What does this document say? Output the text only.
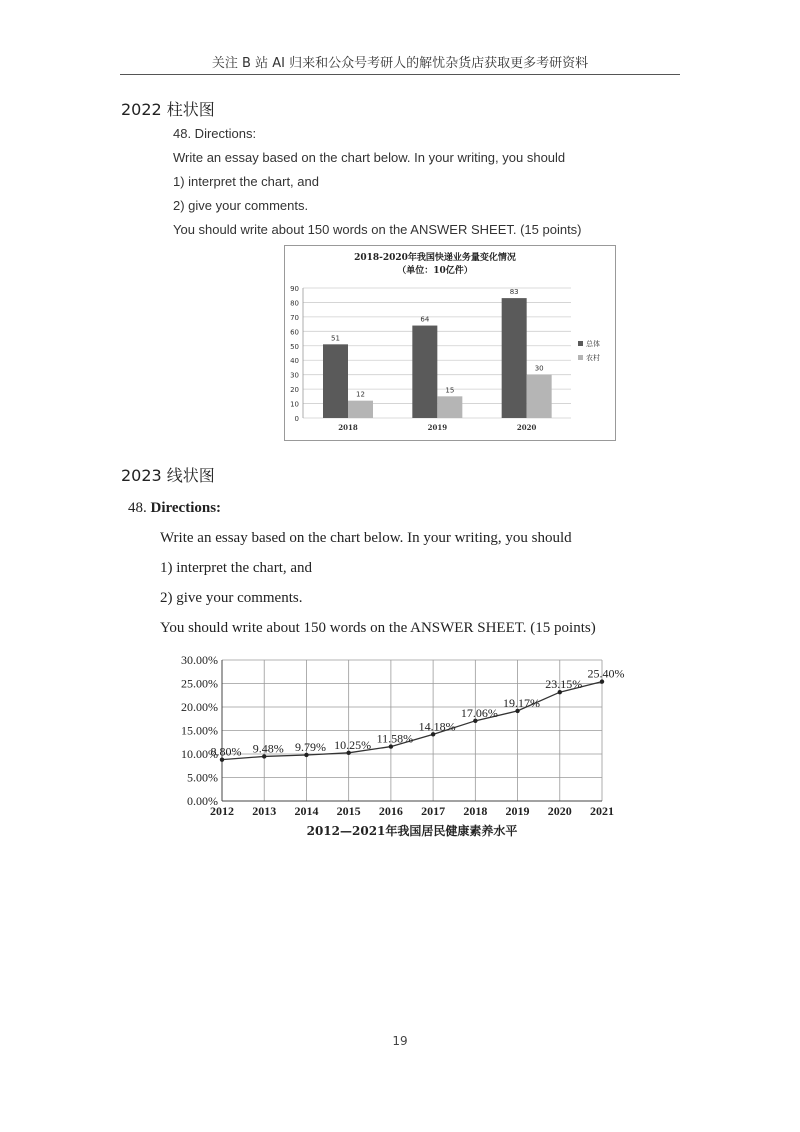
关注 B 站 AI 归来和公众号考研人的解忧杂货店获取更多考研资料
2022 柱状图
48. Directions:
Write an essay based on the chart below. In your writing, you should
1) interpret the chart, and
2) give your comments.
You should write about 150 words on the ANSWER SHEET. (15 points)
2018-2020年我国快递业务量变化情况
（单位：10亿件）
0
10
20
30
40
50
60
70
80
90
51
12
2018
64
15
2019
83
30
2020
总体
农村
2023 线状图
48. Directions:
Write an essay based on the chart below. In your writing, you should
1) interpret the chart, and
2) give your comments.
You should write about 150 words on the ANSWER SHEET. (15 points)
0.00%
5.00%
10.00%
15.00%
20.00%
25.00%
30.00%
2012 2013 2014 2015 2016 2017 2018 2019 2020 2021
8.80% 9.48% 9.79% 10.25% 11.58%
14.18%
17.06%
19.17%
23.15%
25.40%
2012—2021年我国居民健康素养水平
19
